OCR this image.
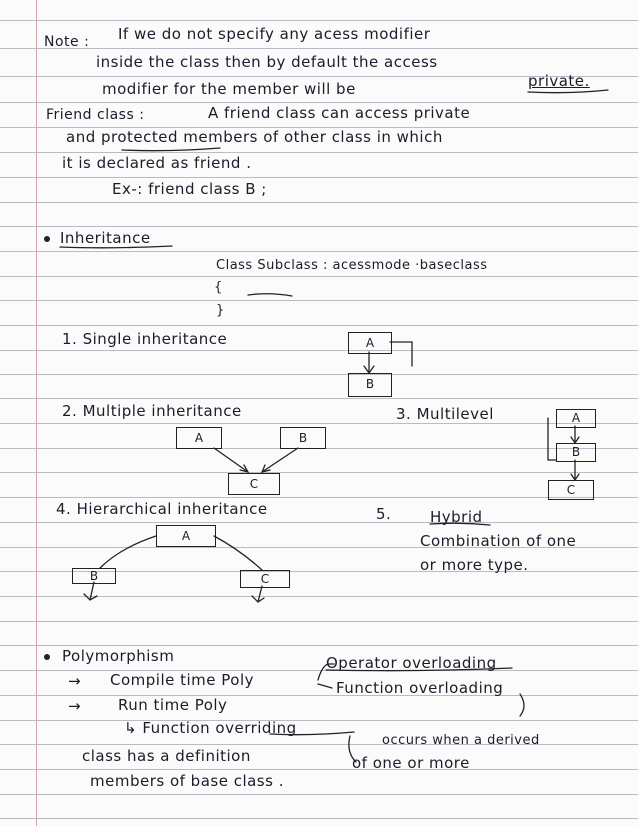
Note : If we do not specify any acess modifier
inside the class then by default the access
modifier for the member will be	private.
Friend class :	A friend class can access private
and protected members of other class in which
it is declared as friend .
Ex-: friend class B ;
Inheritance
Class Subclass : acessmode ·baseclass
{
}
1. Single inheritance	A
B
2. Multiple inheritance
A	B
C
3. Multilevel	A
B
C
4. Hierarchical inheritance
A
B	C
5.	Hybrid
Combination of one
or more type.
Polymorphism
→ Compile time Poly
Operator overloading
Function overloading
→ Run time Poly
↳ Function overriding
occurs when a derived
class has a definition	of one or more
members of base class .
